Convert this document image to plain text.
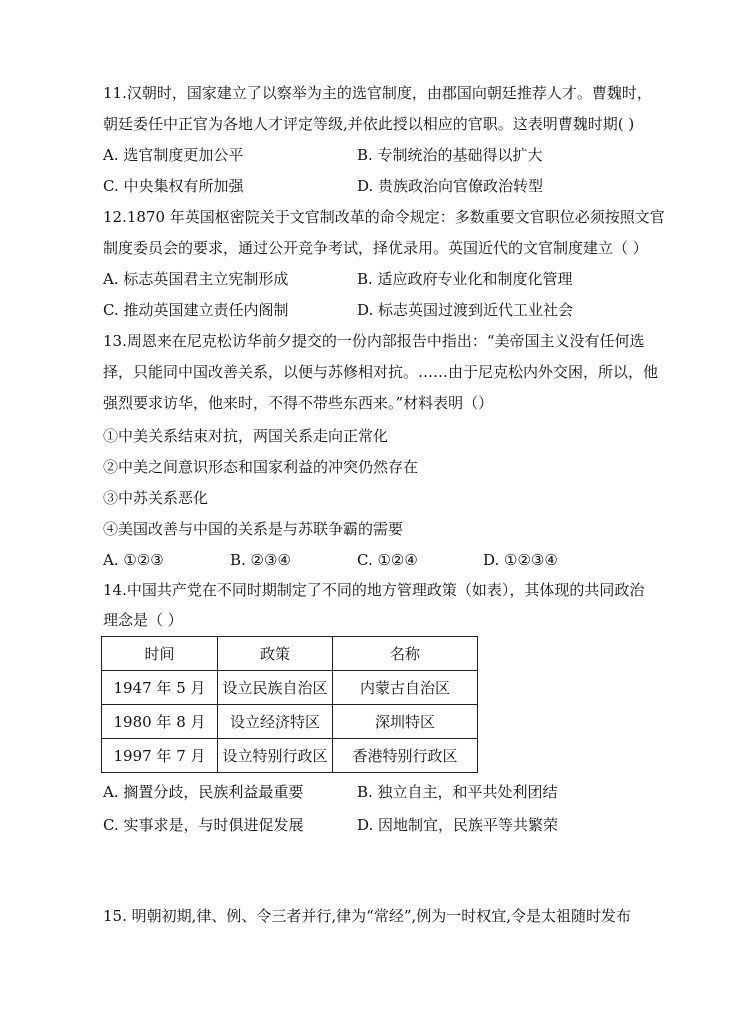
11.汉朝时，国家建立了以察举为主的选官制度，由郡国向朝廷推荐人才。曹魏时，
朝廷委任中正官为各地人才评定等级,并依此授以相应的官职。这表明曹魏时期( )
A. 选官制度更加公平	B. 专制统治的基础得以扩大
C. 中央集权有所加强	D. 贵族政治向官僚政治转型
12.1870 年英国枢密院关于文官制改革的命令规定：多数重要文官职位必须按照文官
制度委员会的要求，通过公开竞争考试，择优录用。英国近代的文官制度建立（ ）
A. 标志英国君主立宪制形成	B. 适应政府专业化和制度化管理
C. 推动英国建立责任内阁制	D. 标志英国过渡到近代工业社会
13.周恩来在尼克松访华前夕提交的一份内部报告中指出：“美帝国主义没有任何选
择，只能同中国改善关系，以便与苏修相对抗。……由于尼克松内外交困，所以，他
强烈要求访华，他来时，不得不带些东西来。”材料表明（）
①中美关系结束对抗，两国关系走向正常化
②中美之间意识形态和国家利益的冲突仍然存在
③中苏关系恶化
④美国改善与中国的关系是与苏联争霸的需要
A. ①②③	B. ②③④	C. ①②④	D. ①②③④
14.中国共产党在不同时期制定了不同的地方管理政策（如表），其体现的共同政治
理念是（ ）
时间	政策	名称
1947 年 5 月	设立民族自治区	内蒙古自治区
1980 年 8 月	设立经济特区	深圳特区
1997 年 7 月	设立特别行政区	香港特别行政区
A. 搁置分歧，民族利益最重要	B. 独立自主，和平共处利团结
C. 实事求是，与时俱进促发展	D. 因地制宜，民族平等共繁荣
15. 明朝初期,律、例、令三者并行,律为“常经”,例为一时权宜,令是太祖随时发布
